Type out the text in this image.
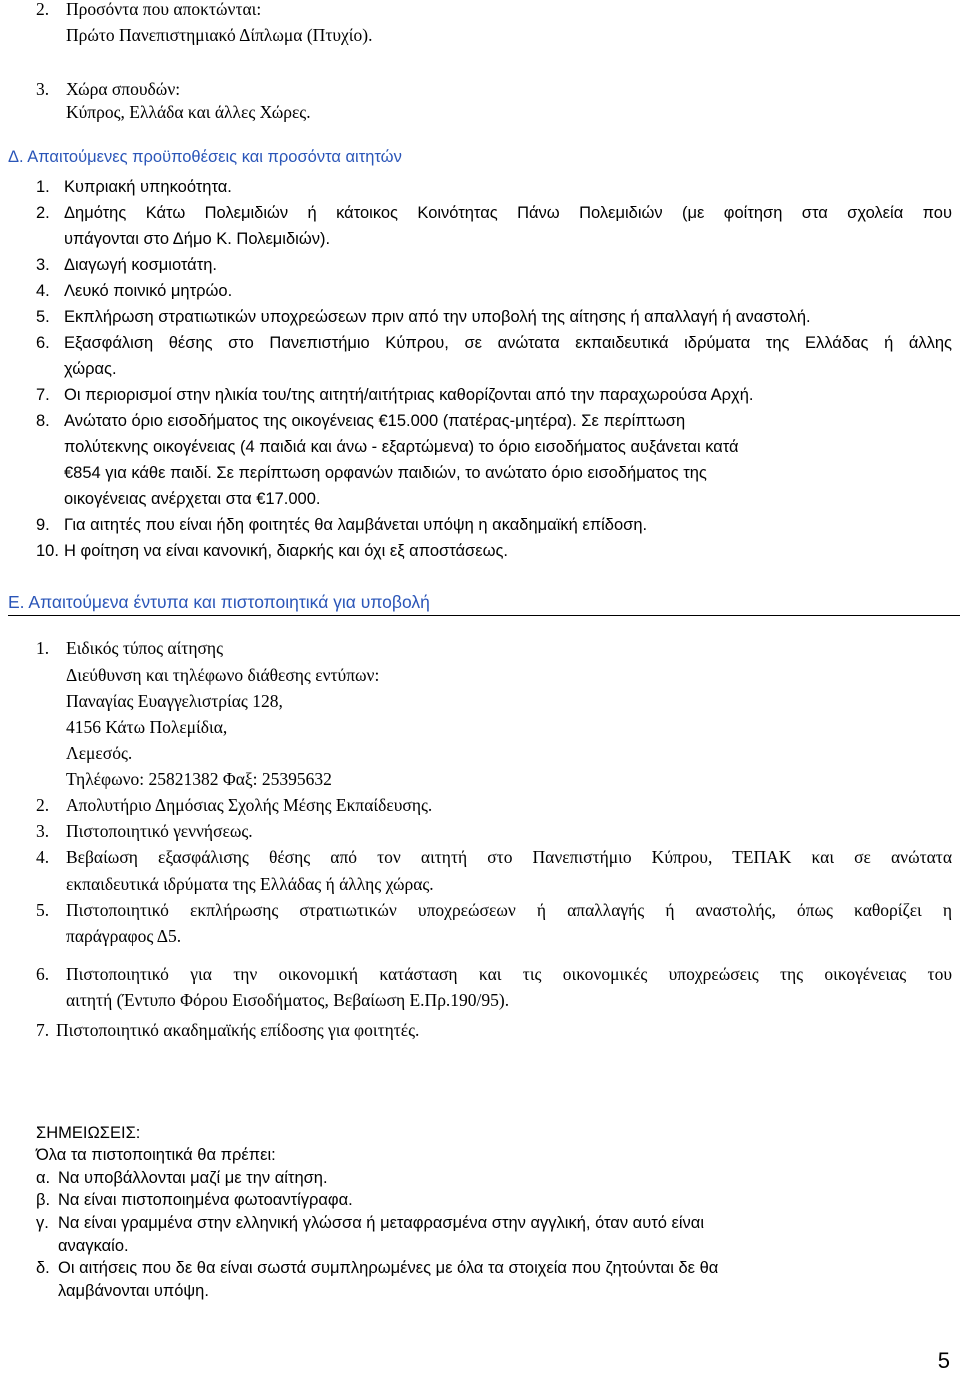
2. Προσόντα που αποκτώνται:
Πρώτο Πανεπιστημιακό Δίπλωμα (Πτυχίο).
3. Χώρα σπουδών:
Κύπρος, Ελλάδα και άλλες Χώρες.
Δ. Απαιτούμενες προϋποθέσεις και προσόντα αιτητών
1. Κυπριακή υπηκοότητα.
2. Δημότης Κάτω Πολεμιδιών ή κάτοικος Κοινότητας Πάνω Πολεμιδιών (με φοίτηση στα σχολεία που
υπάγονται στο Δήμο Κ. Πολεμιδιών).
3. Διαγωγή κοσμιοτάτη.
4. Λευκό ποινικό μητρώο.
5. Εκπλήρωση στρατιωτικών υποχρεώσεων πριν από την υποβολή της αίτησης ή απαλλαγή ή αναστολή.
6. Εξασφάλιση θέσης στο Πανεπιστήμιο Κύπρου, σε ανώτατα εκπαιδευτικά ιδρύματα της Ελλάδας ή άλλης
χώρας.
7. Οι περιορισμοί στην ηλικία του/της αιτητή/αιτήτριας καθορίζονται από την παραχωρούσα Αρχή.
8. Ανώτατο όριο εισοδήματος της οικογένειας €15.000 (πατέρας-μητέρα). Σε περίπτωση
πολύτεκνης οικογένειας (4 παιδιά και άνω - εξαρτώμενα) το όριο εισοδήματος αυξάνεται κατά
€854 για κάθε παιδί. Σε περίπτωση ορφανών παιδιών, το ανώτατο όριο εισοδήματος της
οικογένειας ανέρχεται στα €17.000.
9. Για αιτητές που είναι ήδη φοιτητές θα λαμβάνεται υπόψη η ακαδημαϊκή επίδοση.
10. Η φοίτηση να είναι κανονική, διαρκής και όχι εξ αποστάσεως.
Ε. Απαιτούμενα έντυπα και πιστοποιητικά για υποβολή
1. Ειδικός τύπος αίτησης
Διεύθυνση και τηλέφωνο διάθεσης εντύπων:
Παναγίας Ευαγγελιστρίας 128,
4156 Κάτω Πολεμίδια,
Λεμεσός.
Τηλέφωνο: 25821382 Φαξ: 25395632
2. Απολυτήριο Δημόσιας Σχολής Μέσης Εκπαίδευσης.
3. Πιστοποιητικό γεννήσεως.
4. Βεβαίωση εξασφάλισης θέσης από τον αιτητή στο Πανεπιστήμιο Κύπρου, ΤΕΠΑΚ και σε ανώτατα
εκπαιδευτικά ιδρύματα της Ελλάδας ή άλλης χώρας.
5. Πιστοποιητικό εκπλήρωσης στρατιωτικών υποχρεώσεων ή απαλλαγής ή αναστολής, όπως καθορίζει η
παράγραφος Δ5.
6. Πιστοποιητικό για την οικονομική κατάσταση και τις οικονομικές υποχρεώσεις της οικογένειας του
αιτητή (Έντυπο Φόρου Εισοδήματος, Βεβαίωση Ε.Πρ.190/95).
7. Πιστοποιητικό ακαδημαϊκής επίδοσης για φοιτητές.
ΣΗΜΕΙΩΣΕΙΣ:
Όλα τα πιστοποιητικά θα πρέπει:
α. Να υποβάλλονται μαζί με την αίτηση.
β. Να είναι πιστοποιημένα φωτοαντίγραφα.
γ. Να είναι γραμμένα στην ελληνική γλώσσα ή μεταφρασμένα στην αγγλική, όταν αυτό είναι
αναγκαίο.
δ. Οι αιτήσεις που δε θα είναι σωστά συμπληρωμένες με όλα τα στοιχεία που ζητούνται δε θα
λαμβάνονται υπόψη.
5
